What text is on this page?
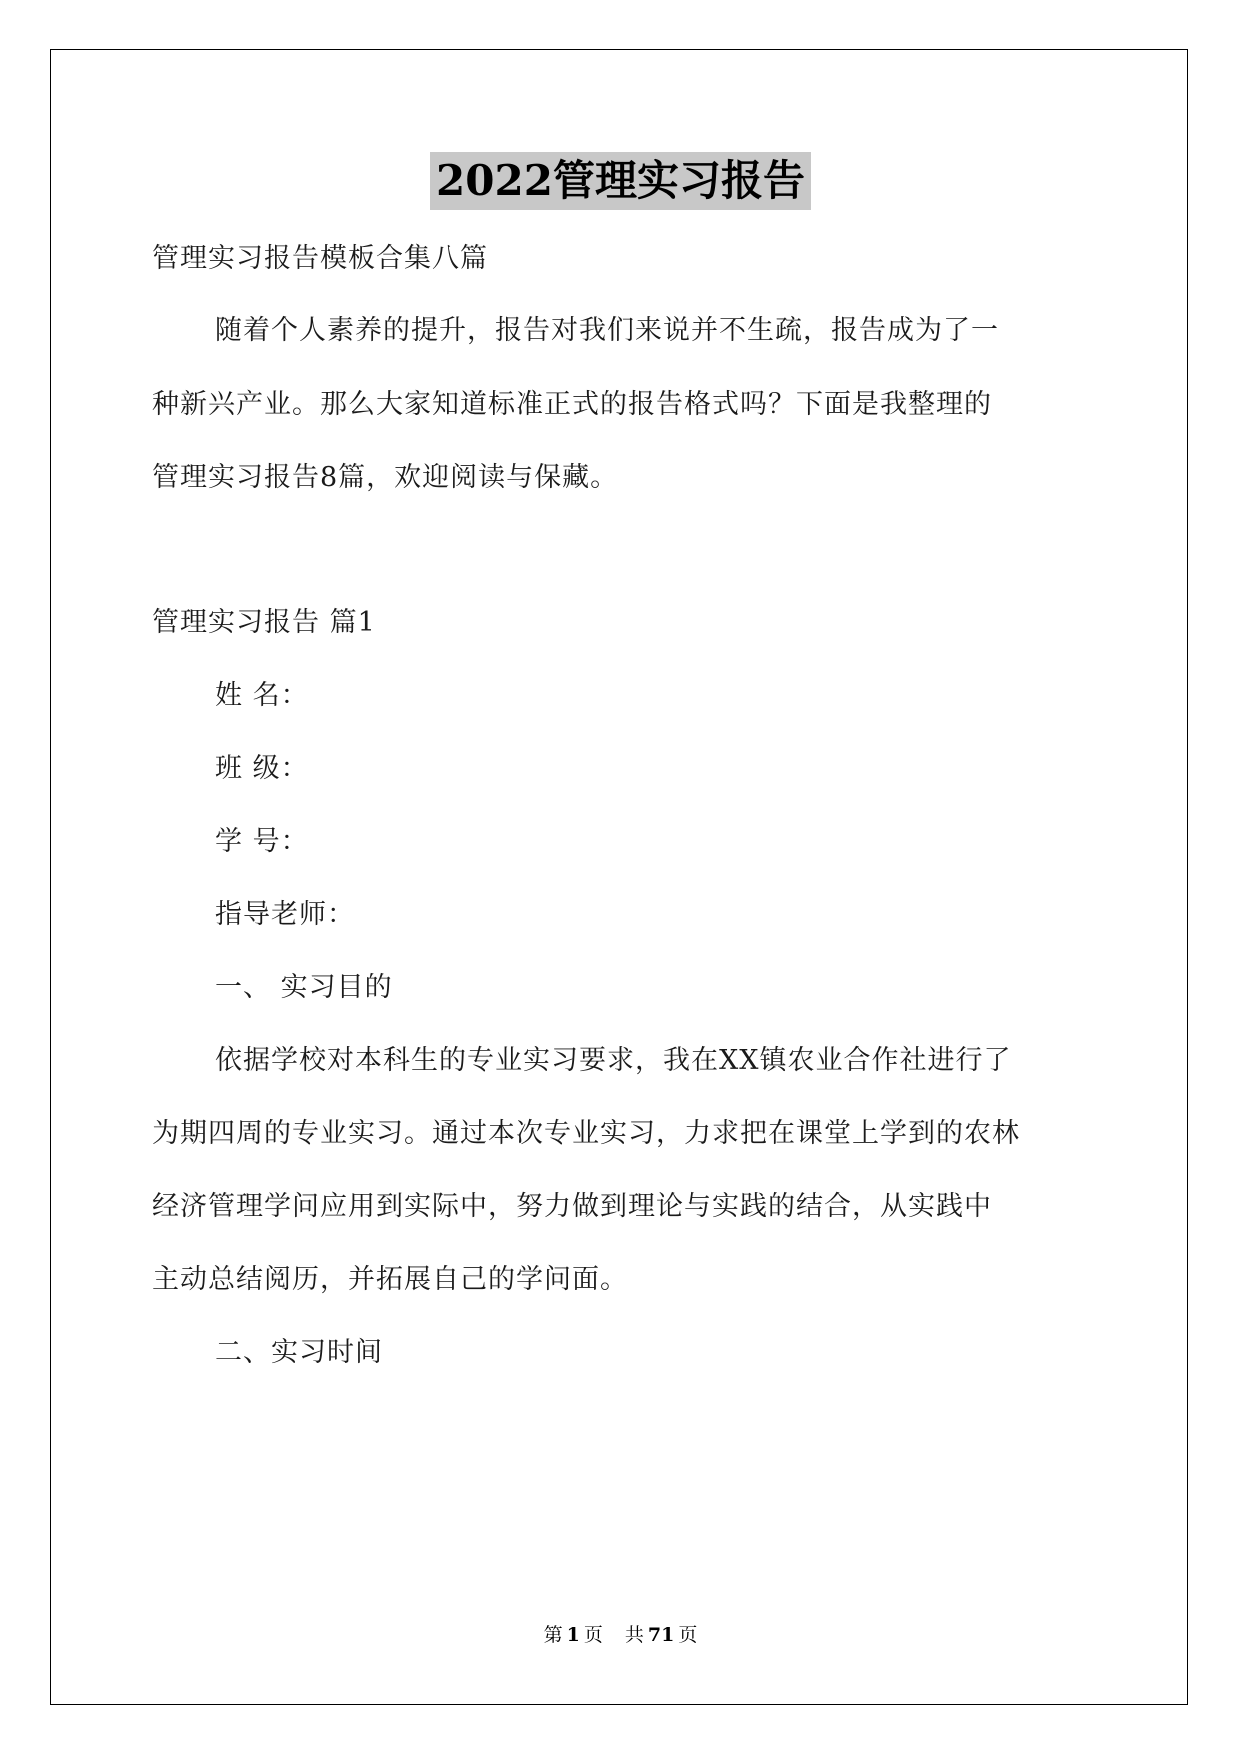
2022管理实习报告
管理实习报告模板合集八篇
随着个人素养的提升，报告对我们来说并不生疏，报告成为了一
种新兴产业。那么大家知道标准正式的报告格式吗？下面是我整理的
管理实习报告8篇，欢迎阅读与保藏。
管理实习报告 篇1
姓 名：
班 级：
学 号：
指导老师：
一、 实习目的
依据学校对本科生的专业实习要求，我在XX镇农业合作社进行了
为期四周的专业实习。通过本次专业实习，力求把在课堂上学到的农林
经济管理学问应用到实际中，努力做到理论与实践的结合，从实践中
主动总结阅历，并拓展自己的学问面。
二、实习时间
第 1 页 共 71 页
